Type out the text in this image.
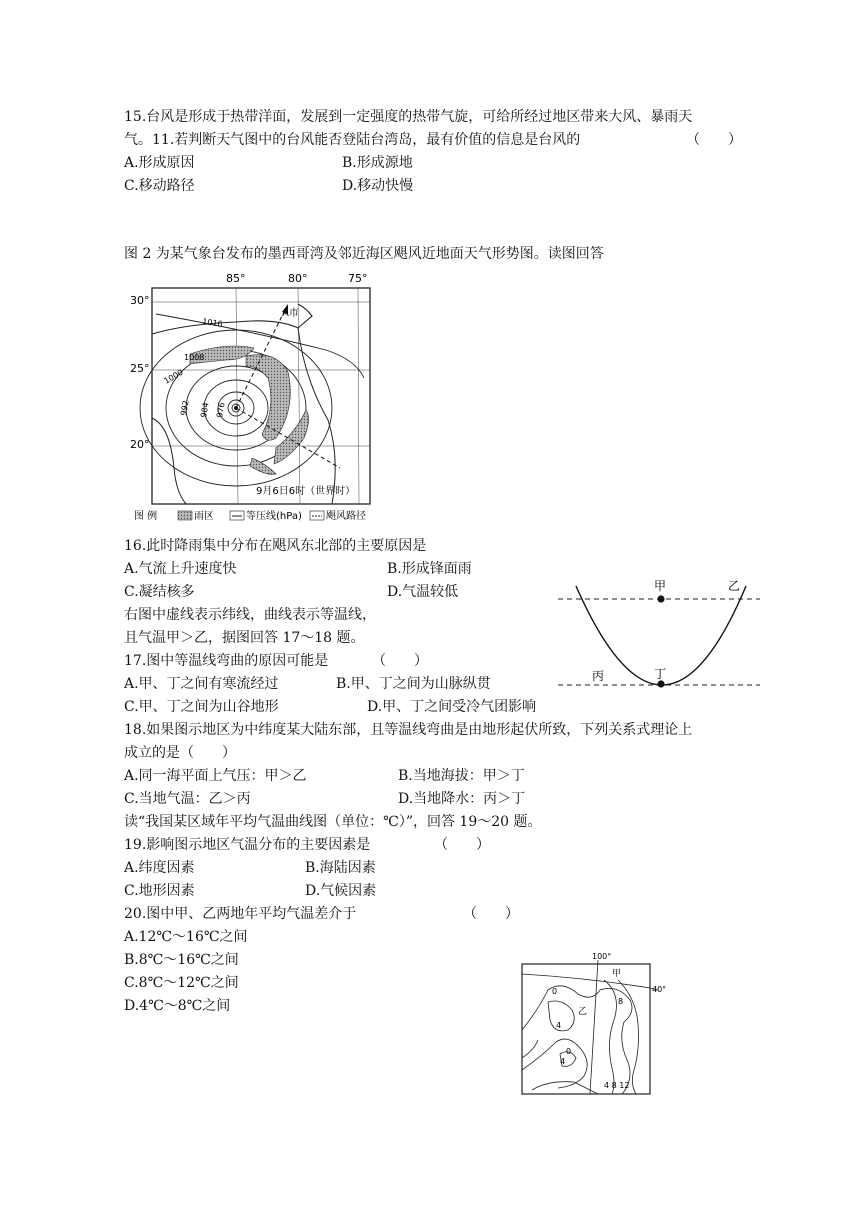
15.台风是形成于热带洋面，发展到一定强度的热带气旋，可给所经过地区带来大风、暴雨天
气。11.若判断天气图中的台风能否登陆台湾岛，最有价值的信息是台风的	（　　）
A.形成原因	B.形成源地
C.移动路径	D.移动快慢
图 2 为某气象台发布的墨西哥湾及邻近海区飓风近地面天气形势图。读图回答
85°	80°	75°
30°
25°
20°
A市
1016
1008
1000
992 984 976
9月6日6时（世界时）
图 例	雨区	等压线(hPa) 飓风路径
16.此时降雨集中分布在飓风东北部的主要原因是
A.气流上升速度快	B.形成锋面雨
C.凝结核多	D.气温较低
右图中虚线表示纬线，曲线表示等温线，
且气温甲＞乙，据图回答 17～18 题。
甲	乙
丙	丁
17.图中等温线弯曲的原因可能是	（　　）
A.甲、丁之间有寒流经过	B.甲、丁之间为山脉纵贯
C.甲、丁之间为山谷地形	D.甲、丁之间受冷气团影响
18.如果图示地区为中纬度某大陆东部，且等温线弯曲是由地形起伏所致，下列关系式理论上
成立的是（　　）
A.同一海平面上气压：甲＞乙	B.当地海拔：甲＞丁
C.当地气温：乙＞丙	D.当地降水：丙＞丁
读“我国某区域年平均气温曲线图（单位：℃）”，回答 19～20 题。
19.影响图示地区气温分布的主要因素是	（　　）
A.纬度因素	B.海陆因素
C.地形因素	D.气候因素
20.图中甲、乙两地年平均气温差介于	（　　）
A.12℃～16℃之间
B.8℃～16℃之间
C.8℃～12℃之间
D.4℃～8℃之间
100°
40°
甲
乙
0
4
8
0
4
4 8 12
